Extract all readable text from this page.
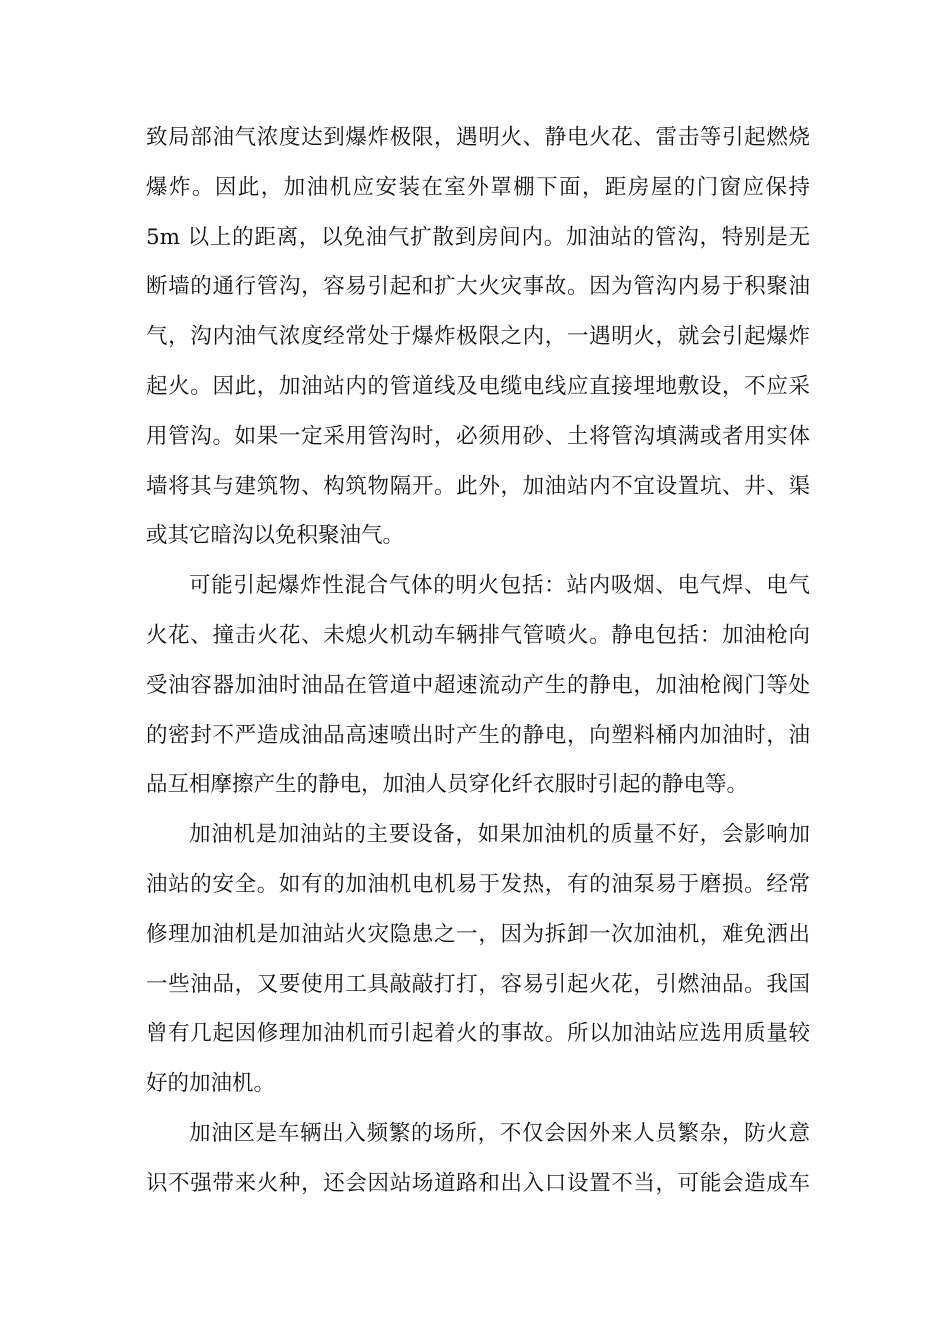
致局部油气浓度达到爆炸极限，遇明火、静电火花、雷击等引起燃烧
爆炸。因此，加油机应安装在室外罩棚下面，距房屋的门窗应保持
5m 以上的距离，以免油气扩散到房间内。加油站的管沟，特别是无
断墙的通行管沟，容易引起和扩大火灾事故。因为管沟内易于积聚油
气，沟内油气浓度经常处于爆炸极限之内，一遇明火，就会引起爆炸
起火。因此，加油站内的管道线及电缆电线应直接埋地敷设，不应采
用管沟。如果一定采用管沟时，必须用砂、土将管沟填满或者用实体
墙将其与建筑物、构筑物隔开。此外，加油站内不宜设置坑、井、渠
或其它暗沟以免积聚油气。
可能引起爆炸性混合气体的明火包括：站内吸烟、电气焊、电气
火花、撞击火花、未熄火机动车辆排气管喷火。静电包括：加油枪向
受油容器加油时油品在管道中超速流动产生的静电，加油枪阀门等处
的密封不严造成油品高速喷出时产生的静电，向塑料桶内加油时，油
品互相摩擦产生的静电，加油人员穿化纤衣服时引起的静电等。
加油机是加油站的主要设备，如果加油机的质量不好，会影响加
油站的安全。如有的加油机电机易于发热，有的油泵易于磨损。经常
修理加油机是加油站火灾隐患之一，因为拆卸一次加油机，难免洒出
一些油品，又要使用工具敲敲打打，容易引起火花，引燃油品。我国
曾有几起因修理加油机而引起着火的事故。所以加油站应选用质量较
好的加油机。
加油区是车辆出入频繁的场所，不仅会因外来人员繁杂，防火意
识不强带来火种，还会因站场道路和出入口设置不当，可能会造成车
